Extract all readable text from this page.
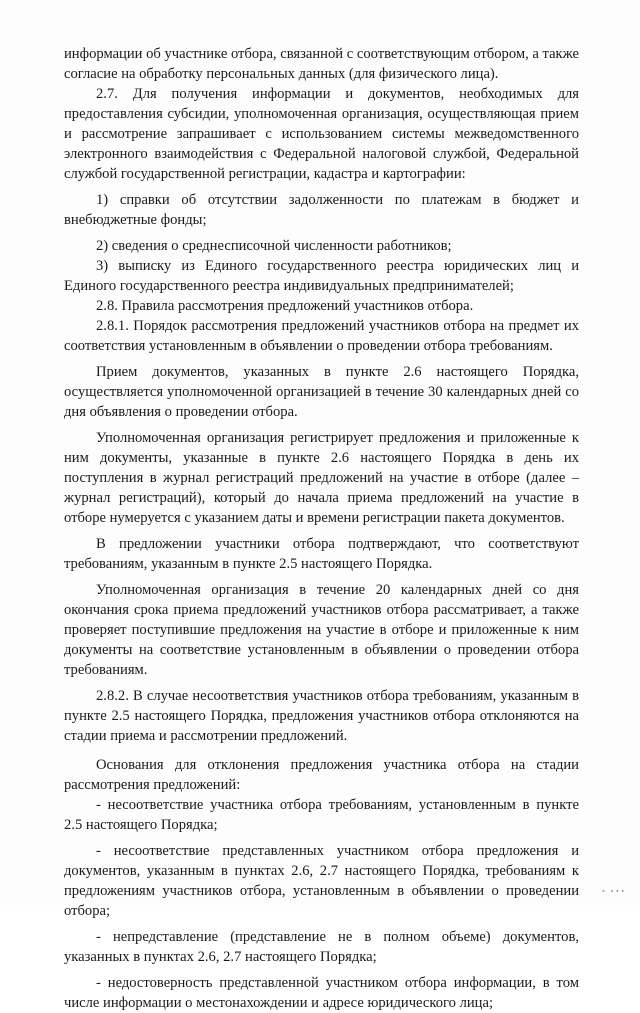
информации об участнике отбора, связанной с соответствующим отбором, а также согласие на обработку персональных данных (для физического лица).

2.7. Для получения информации и документов, необходимых для предоставления субсидии, уполномоченная организация, осуществляющая прием и рассмотрение запрашивает с использованием системы межведомственного электронного взаимодействия с Федеральной налоговой службой, Федеральной службой государственной регистрации, кадастра и картографии:

1) справки об отсутствии задолженности по платежам в бюджет и внебюджетные фонды;

2) сведения о среднесписочной численности работников;

3) выписку из Единого государственного реестра юридических лиц и Единого государственного реестра индивидуальных предпринимателей;

2.8. Правила рассмотрения предложений участников отбора.

2.8.1. Порядок рассмотрения предложений участников отбора на предмет их соответствия установленным в объявлении о проведении отбора требованиям.

Прием документов, указанных в пункте 2.6 настоящего Порядка, осуществляется уполномоченной организацией в течение 30 календарных дней со дня объявления о проведении отбора.

Уполномоченная организация регистрирует предложения и приложенные к ним документы, указанные в пункте 2.6 настоящего Порядка в день их поступления в журнал регистраций предложений на участие в отборе (далее – журнал регистраций), который до начала приема предложений на участие в отборе нумеруется с указанием даты и времени регистрации пакета документов.

В предложении участники отбора подтверждают, что соответствуют требованиям, указанным в пункте 2.5 настоящего Порядка.

Уполномоченная организация в течение 20 календарных дней со дня окончания срока приема предложений участников отбора рассматривает, а также проверяет поступившие предложения на участие в отборе и приложенные к ним документы на соответствие установленным в объявлении о проведении отбора требованиям.

2.8.2. В случае несоответствия участников отбора требованиям, указанным в пункте 2.5 настоящего Порядка, предложения участников отбора отклоняются на стадии приема и рассмотрении предложений.

Основания для отклонения предложения участника отбора на стадии рассмотрения предложений:

- несоответствие участника отбора требованиям, установленным в пункте 2.5 настоящего Порядка;

- несоответствие представленных участником отбора предложения и документов, указанным в пунктах 2.6, 2.7 настоящего Порядка, требованиям к предложениям участников отбора, установленным в объявлении о проведении отбора;

- непредставление (представление не в полном объеме) документов, указанных в пунктах 2.6, 2.7 настоящего Порядка;

- недостоверность представленной участником отбора информации, в том числе информации о местонахождении и адресе юридического лица;

∙ ∙∙∙
